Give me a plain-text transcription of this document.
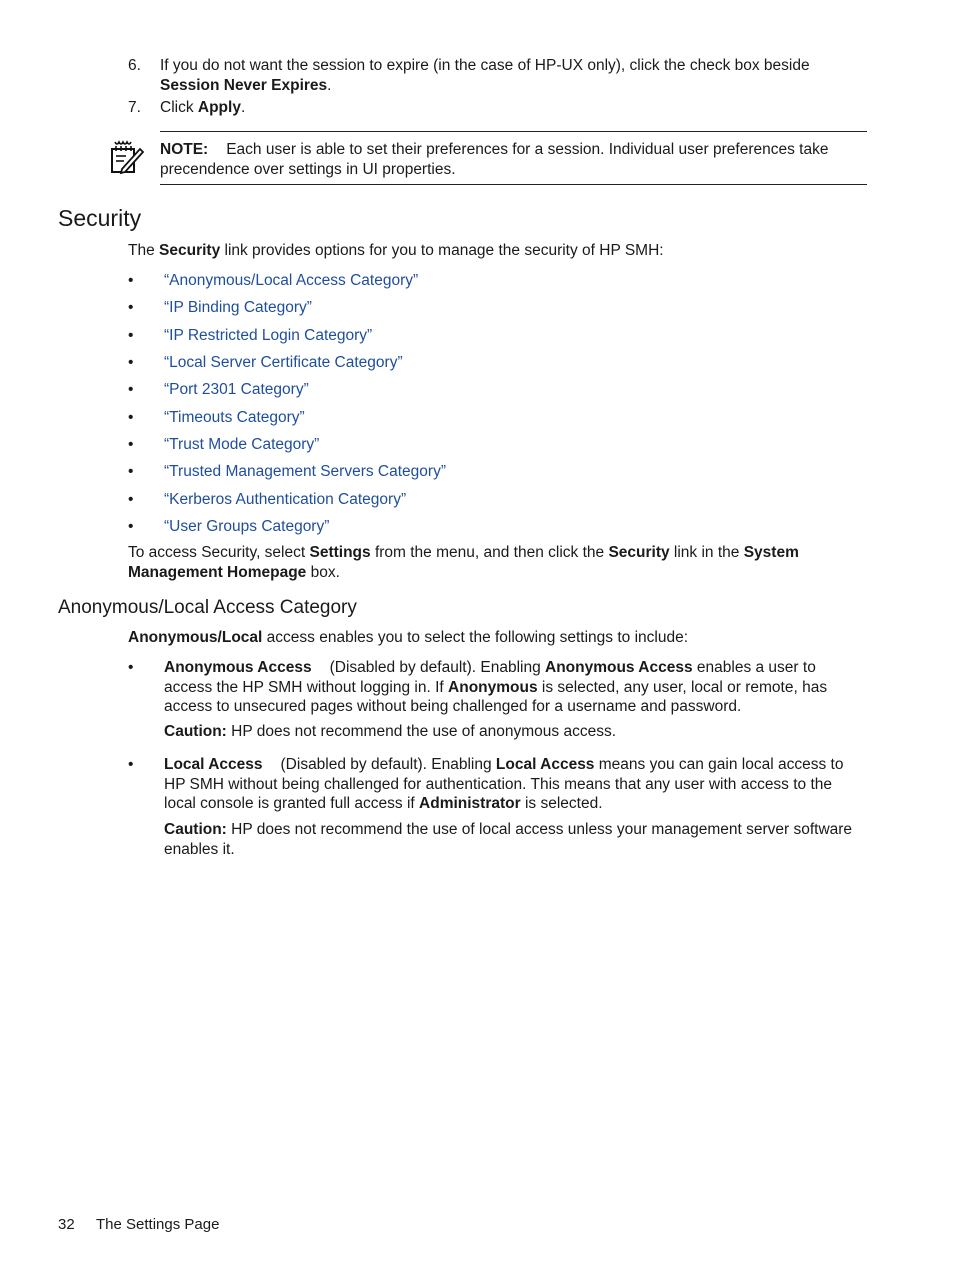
6. If you do not want the session to expire (in the case of HP-UX only), click the check box beside Session Never Expires.
7. Click Apply.
NOTE: Each user is able to set their preferences for a session. Individual user preferences take precendence over settings in UI properties.
Security
The Security link provides options for you to manage the security of HP SMH:
• “Anonymous/Local Access Category”
• “IP Binding Category”
• “IP Restricted Login Category”
• “Local Server Certificate Category”
• “Port 2301 Category”
• “Timeouts Category”
• “Trust Mode Category”
• “Trusted Management Servers Category”
• “Kerberos Authentication Category”
• “User Groups Category”
To access Security, select Settings from the menu, and then click the Security link in the System Management Homepage box.
Anonymous/Local Access Category
Anonymous/Local access enables you to select the following settings to include:
• Anonymous Access (Disabled by default). Enabling Anonymous Access enables a user to access the HP SMH without logging in. If Anonymous is selected, any user, local or remote, has access to unsecured pages without being challenged for a username and password.
Caution: HP does not recommend the use of anonymous access.
• Local Access (Disabled by default). Enabling Local Access means you can gain local access to HP SMH without being challenged for authentication. This means that any user with access to the local console is granted full access if Administrator is selected.
Caution: HP does not recommend the use of local access unless your management server software enables it.
32 The Settings Page
